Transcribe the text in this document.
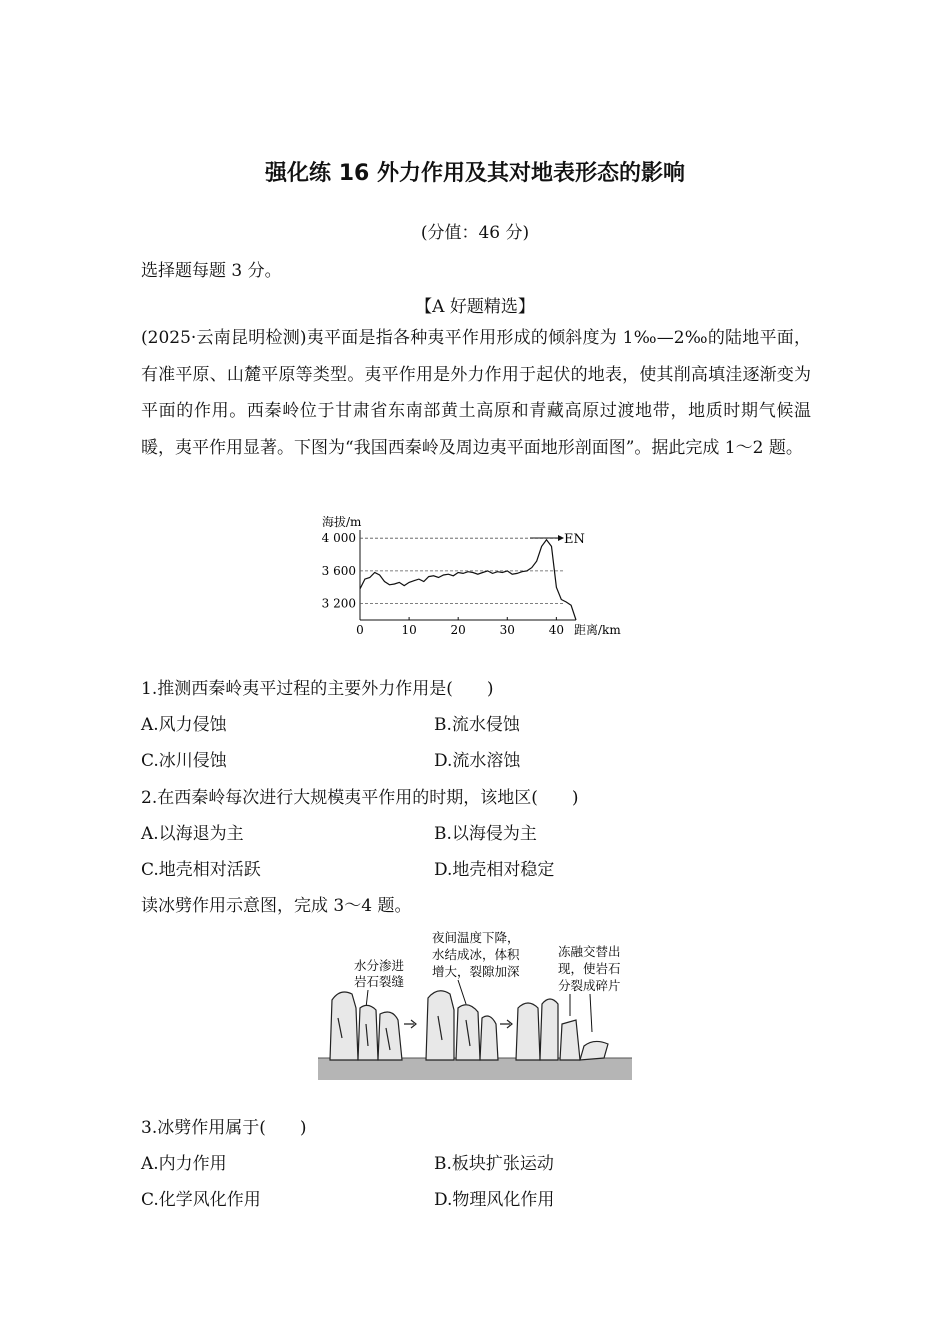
强化练 16 外力作用及其对地表形态的影响
(分值：46 分)
选择题每题 3 分。
【A 好题精选】
(2025·云南昆明检测)夷平面是指各种夷平作用形成的倾斜度为 1‰—2‰的陆地平面，有准平原、山麓平原等类型。夷平作用是外力作用于起伏的地表，使其削高填洼逐渐变为平面的作用。西秦岭位于甘肃省东南部黄土高原和青藏高原过渡地带，地质时期气候温暖，夷平作用显著。下图为“我国西秦岭及周边夷平面地形剖面图”。据此完成 1～2 题。
海拔/m
4 000
3 600
3 200
0	10	20	30	40
EN
距离/km
1.推测西秦岭夷平过程的主要外力作用是(　　)
A.风力侵蚀	B.流水侵蚀
C.冰川侵蚀	D.流水溶蚀
2.在西秦岭每次进行大规模夷平作用的时期，该地区(　　)
A.以海退为主	B.以海侵为主
C.地壳相对活跃	D.地壳相对稳定
读冰劈作用示意图，完成 3～4 题。
水分渗进
岩石裂缝
夜间温度下降，
水结成冰，体积
增大，裂隙加深
冻融交替出
现，使岩石
分裂成碎片
3.冰劈作用属于(　　)
A.内力作用	B.板块扩张运动
C.化学风化作用	D.物理风化作用
